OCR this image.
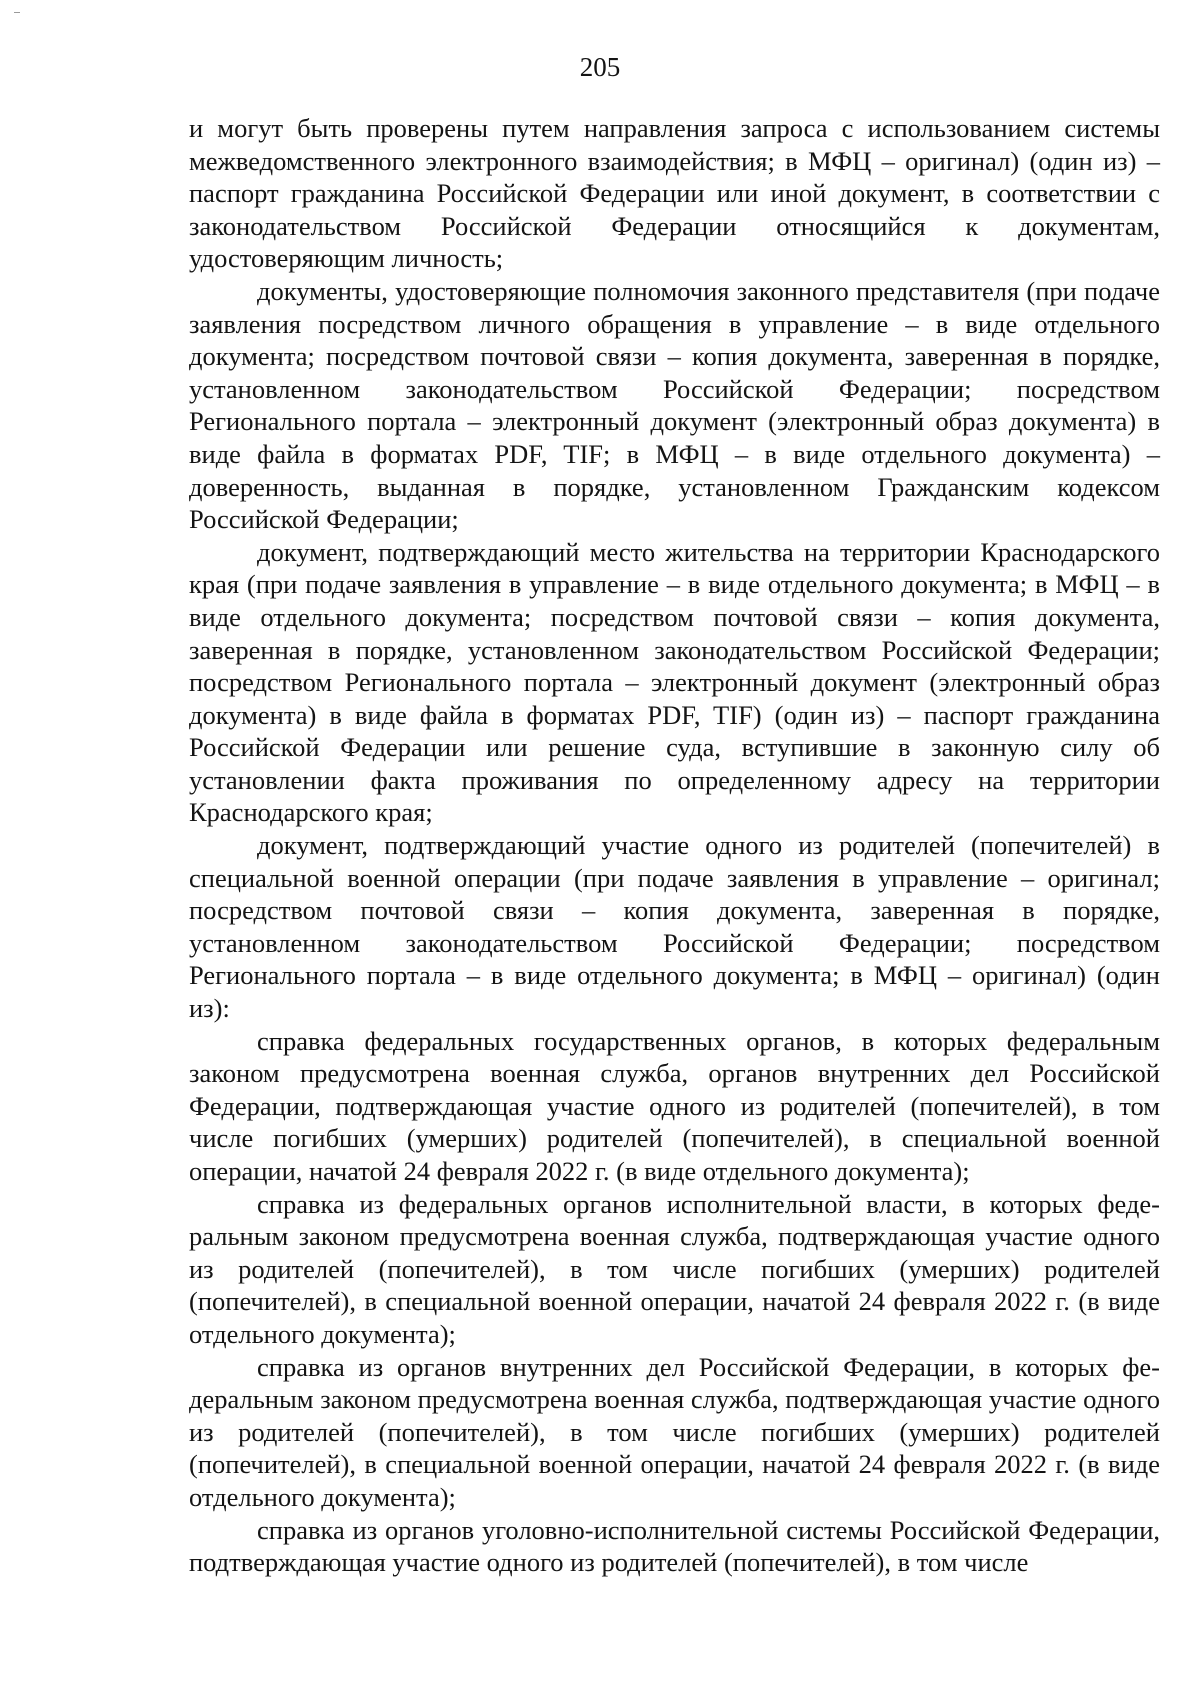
205

и могут быть проверены путем направления запроса с использованием системы межведомственного электронного взаимодействия; в МФЦ – оригинал) (один из) – паспорт гражданина Российской Федерации или иной документ, в соответствии с законодательством Российской Федерации относящийся к документам, удостоверяющим личность;

документы, удостоверяющие полномочия законного представителя (при подаче заявления посредством личного обращения в управление – в виде отдельного документа; посредством почтовой связи – копия документа, заверенная в порядке, установленном законодательством Российской Федерации; посредством Регионального портала – электронный документ (электронный образ документа) в виде файла в форматах PDF, TIF; в МФЦ – в виде отдельного документа) – доверенность, выданная в порядке, установленном Гражданским кодексом Российской Федерации;

документ, подтверждающий место жительства на территории Краснодарского края (при подаче заявления в управление – в виде отдельного документа; в МФЦ – в виде отдельного документа; посредством почтовой связи – копия документа, заверенная в порядке, установленном законодательством Российской Федерации; посредством Регионального портала – электронный документ (электронный образ документа) в виде файла в форматах PDF, TIF) (один из) – паспорт гражданина Российской Федерации или решение суда, вступившие в законную силу об установлении факта проживания по определенному адресу на территории Краснодарского края;

документ, подтверждающий участие одного из родителей (попечителей) в специальной военной операции (при подаче заявления в управление – оригинал; посредством почтовой связи – копия документа, заверенная в порядке, установленном законодательством Российской Федерации; посредством Регионального портала – в виде отдельного документа; в МФЦ – оригинал) (один из):

справка федеральных государственных органов, в которых федеральным законом предусмотрена военная служба, органов внутренних дел Российской Федерации, подтверждающая участие одного из родителей (попечителей), в том числе погибших (умерших) родителей (попечителей), в специальной военной операции, начатой 24 февраля 2022 г. (в виде отдельного документа);

справка из федеральных органов исполнительной власти, в которых федеральным законом предусмотрена военная служба, подтверждающая участие одного из родителей (попечителей), в том числе погибших (умерших) родителей (попечителей), в специальной военной операции, начатой 24 февраля 2022 г. (в виде отдельного документа);

справка из органов внутренних дел Российской Федерации, в которых федеральным законом предусмотрена военная служба, подтверждающая участие одного из родителей (попечителей), в том числе погибших (умерших) родителей (попечителей), в специальной военной операции, начатой 24 февраля 2022 г. (в виде отдельного документа);

справка из органов уголовно-исполнительной системы Российской Федерации, подтверждающая участие одного из родителей (попечителей), в том числе
